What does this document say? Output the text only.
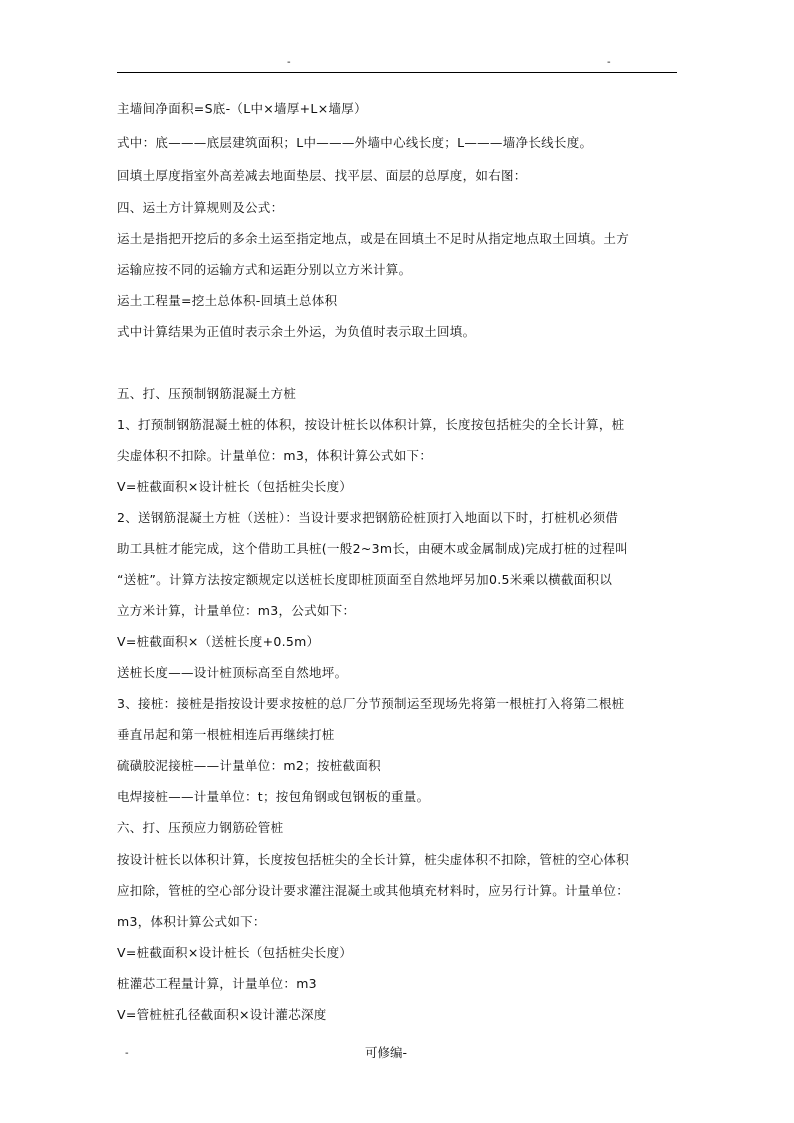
-	-
主墙间净面积=S底-（L中×墙厚+L×墙厚）
式中：底———底层建筑面积；L中———外墙中心线长度；L———墙净长线长度。
回填土厚度指室外高差减去地面垫层、找平层、面层的总厚度，如右图：
四、运土方计算规则及公式：
运土是指把开挖后的多余土运至指定地点，或是在回填土不足时从指定地点取土回填。土方
运输应按不同的运输方式和运距分别以立方米计算。
运土工程量=挖土总体积-回填土总体积
式中计算结果为正值时表示余土外运，为负值时表示取土回填。
五、打、压预制钢筋混凝土方桩
1、打预制钢筋混凝土桩的体积，按设计桩长以体积计算，长度按包括桩尖的全长计算，桩
尖虚体积不扣除。计量单位：m3，体积计算公式如下：
V=桩截面积×设计桩长（包括桩尖长度）
2、送钢筋混凝土方桩（送桩）：当设计要求把钢筋砼桩顶打入地面以下时，打桩机必须借
助工具桩才能完成，这个借助工具桩(一般2~3m长，由硬木或金属制成)完成打桩的过程叫
“送桩”。计算方法按定额规定以送桩长度即桩顶面至自然地坪另加0.5米乘以横截面积以
立方米计算，计量单位：m3，公式如下：
V=桩截面积×（送桩长度+0.5m）
送桩长度——设计桩顶标高至自然地坪。
3、接桩：接桩是指按设计要求按桩的总厂分节预制运至现场先将第一根桩打入将第二根桩
垂直吊起和第一根桩相连后再继续打桩
硫磺胶泥接桩——计量单位：m2；按桩截面积
电焊接桩——计量单位：t；按包角钢或包钢板的重量。
六、打、压预应力钢筋砼管桩
按设计桩长以体积计算，长度按包括桩尖的全长计算，桩尖虚体积不扣除，管桩的空心体积
应扣除，管桩的空心部分设计要求灌注混凝土或其他填充材料时，应另行计算。计量单位：
m3，体积计算公式如下：
V=桩截面积×设计桩长（包括桩尖长度）
桩灌芯工程量计算，计量单位：m3
V=管桩桩孔径截面积×设计灌芯深度
-	可修编-
